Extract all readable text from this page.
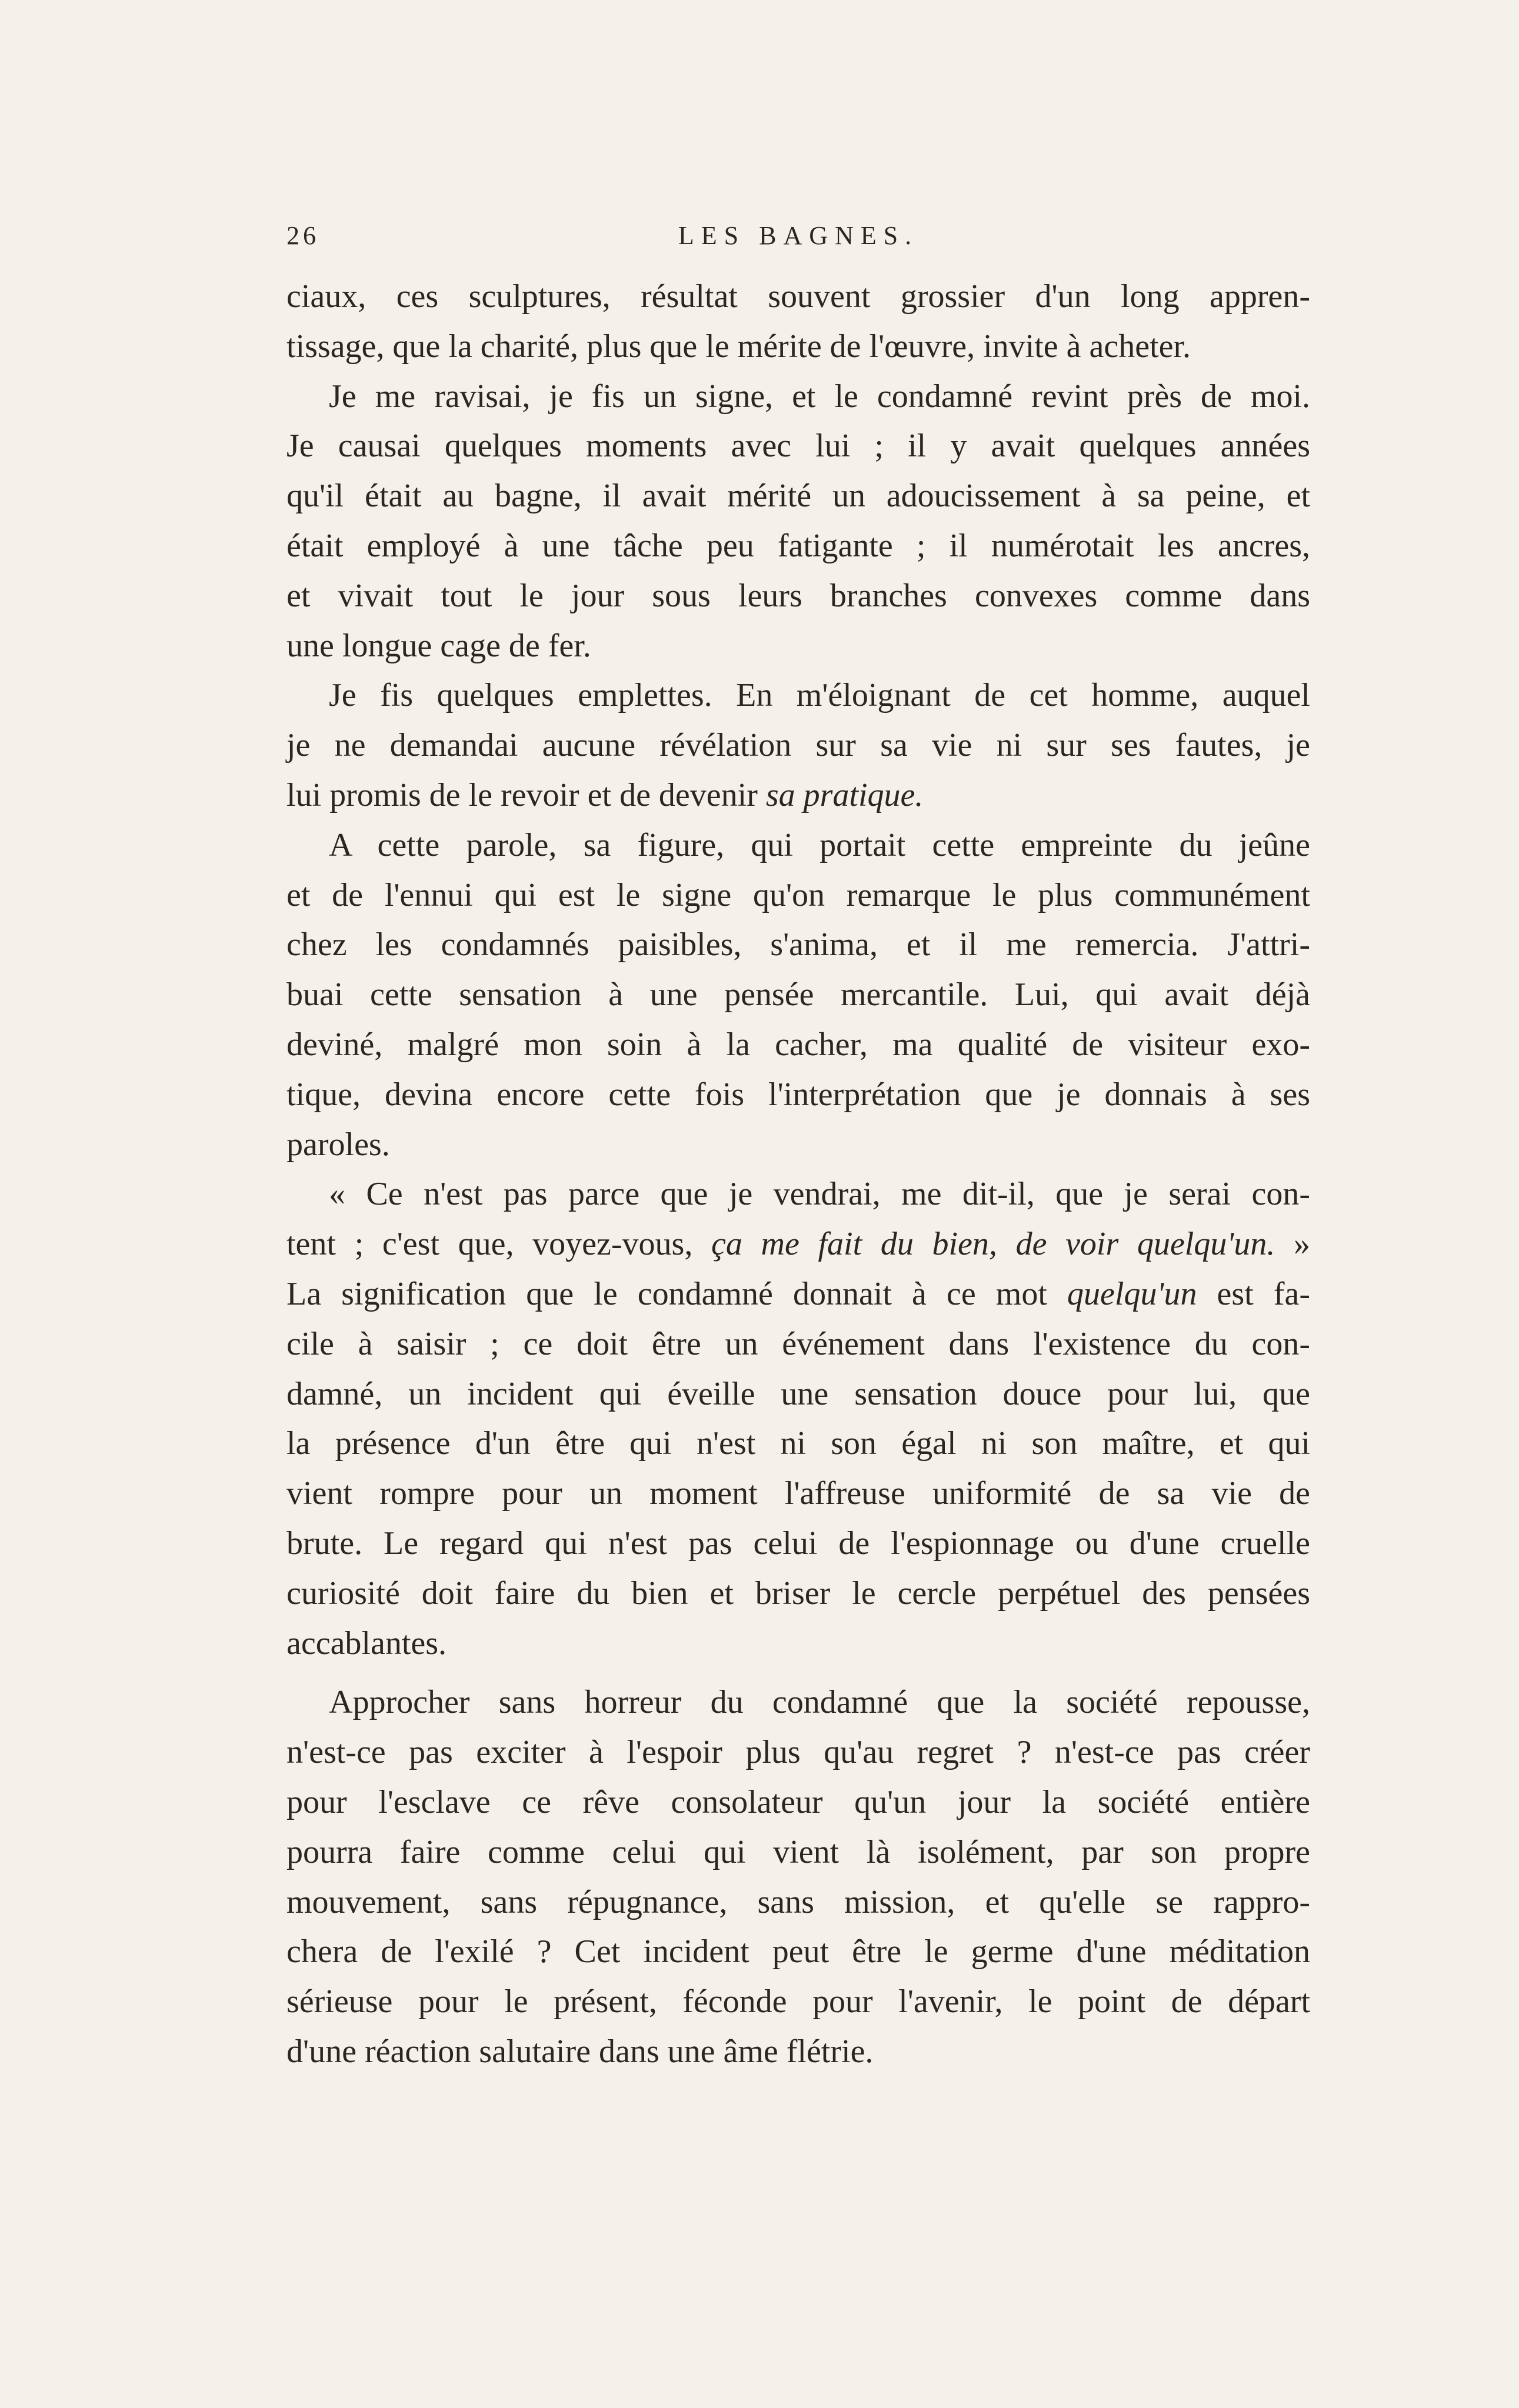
26	LES BAGNES.
ciaux, ces sculptures, résultat souvent grossier d'un long appren-
tissage, que la charité, plus que le mérite de l'œuvre, invite à acheter.
Je me ravisai, je fis un signe, et le condamné revint près de moi.
Je causai quelques moments avec lui ; il y avait quelques années
qu'il était au bagne, il avait mérité un adoucissement à sa peine, et
était employé à une tâche peu fatigante ; il numérotait les ancres,
et vivait tout le jour sous leurs branches convexes comme dans
une longue cage de fer.
Je fis quelques emplettes. En m'éloignant de cet homme, auquel
je ne demandai aucune révélation sur sa vie ni sur ses fautes, je
lui promis de le revoir et de devenir sa pratique.
A cette parole, sa figure, qui portait cette empreinte du jeûne
et de l'ennui qui est le signe qu'on remarque le plus communément
chez les condamnés paisibles, s'anima, et il me remercia. J'attri-
buai cette sensation à une pensée mercantile. Lui, qui avait déjà
deviné, malgré mon soin à la cacher, ma qualité de visiteur exo-
tique, devina encore cette fois l'interprétation que je donnais à ses
paroles.
« Ce n'est pas parce que je vendrai, me dit-il, que je serai con-
tent ; c'est que, voyez-vous, ça me fait du bien, de voir quelqu'un. »
La signification que le condamné donnait à ce mot quelqu'un est fa-
cile à saisir ; ce doit être un événement dans l'existence du con-
damné, un incident qui éveille une sensation douce pour lui, que
la présence d'un être qui n'est ni son égal ni son maître, et qui
vient rompre pour un moment l'affreuse uniformité de sa vie de
brute. Le regard qui n'est pas celui de l'espionnage ou d'une cruelle
curiosité doit faire du bien et briser le cercle perpétuel des pensées
accablantes.
Approcher sans horreur du condamné que la société repousse,
n'est-ce pas exciter à l'espoir plus qu'au regret ? n'est-ce pas créer
pour l'esclave ce rêve consolateur qu'un jour la société entière
pourra faire comme celui qui vient là isolément, par son propre
mouvement, sans répugnance, sans mission, et qu'elle se rappro-
chera de l'exilé ? Cet incident peut être le germe d'une méditation
sérieuse pour le présent, féconde pour l'avenir, le point de départ
d'une réaction salutaire dans une âme flétrie.
